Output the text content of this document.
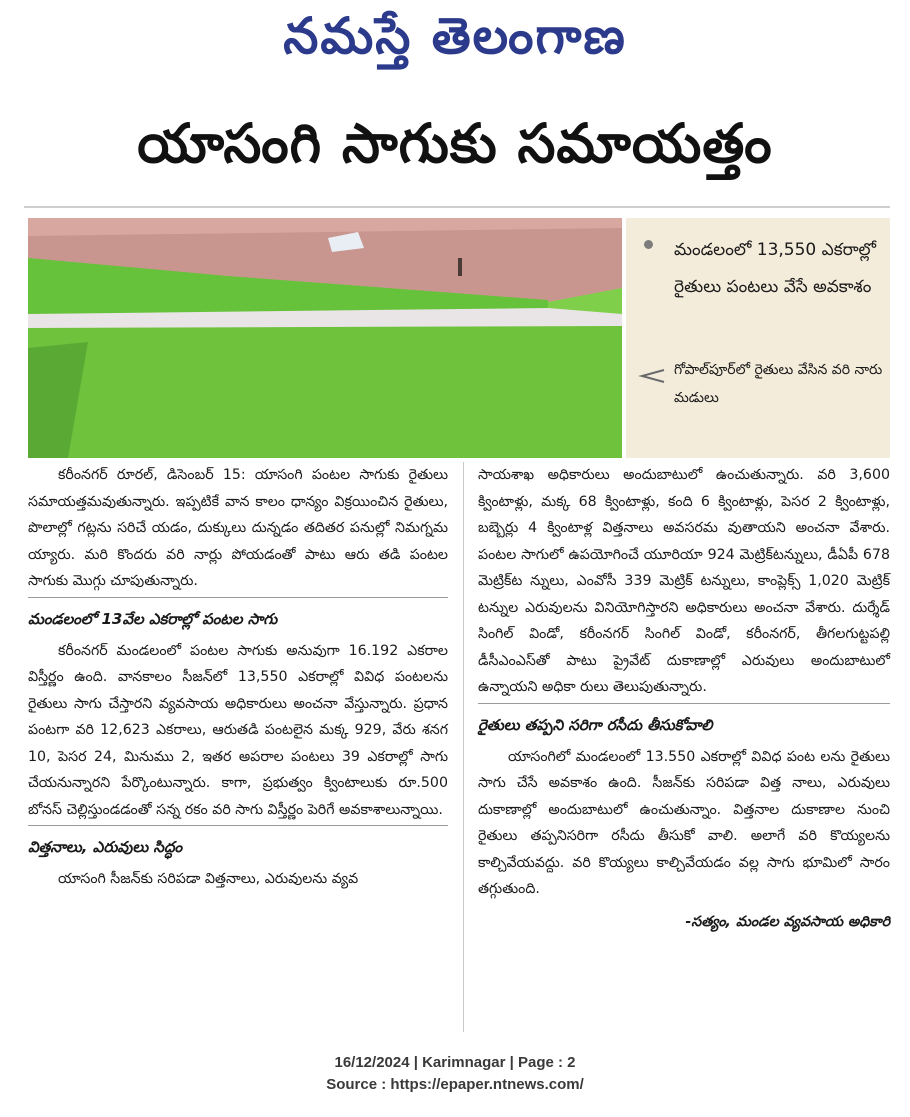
నమస్తే తెలంగాణ
యాసంగి సాగుకు సమాయత్తం
మండలంలో 13,550 ఎకరాల్లో రైతులు పంటలు వేసే అవకాశం
గోపాల్‌పూర్‌లో రైతులు వేసిన వరి నారు మడులు

కరీంనగర్ రూరల్, డిసెంబర్ 15: యాసంగి పంటల సాగుకు రైతులు సమాయత్తమవుతున్నారు. ఇప్పటికే వాన కాలం ధాన్యం విక్రయించిన రైతులు, పొలాల్లో గట్లను సరిచే యడం, దుక్కులు దున్నడం తదితర పనుల్లో నిమగ్నమ య్యారు. మరి కొందరు వరి నార్లు పోయడంతో పాటు ఆరు తడి పంటల సాగుకు మొగ్గు చూపుతున్నారు.

మండలంలో 13వేల ఎకరాల్లో పంటల సాగు

కరీంనగర్ మండలంలో పంటల సాగుకు అనువుగా 16.192 ఎకరాల విస్తీర్ణం ఉంది. వానకాలం సీజన్‌లో 13,550 ఎకరాల్లో వివిధ పంటలను రైతులు సాగు చేస్తారని వ్యవసాయ అధికారులు అంచనా వేస్తున్నారు. ప్రధాన పంటగా వరి 12,623 ఎకరాలు, ఆరుతడి పంటలైన మక్క 929, వేరు శనగ 10, పెసర 24, మినుము 2, ఇతర అపరాల పంటలు 39 ఎకరాల్లో సాగు చేయనున్నారని పేర్కొంటున్నారు. కాగా, ప్రభుత్వం క్వింటాలుకు రూ.500 బోనస్ చెల్లిస్తుండడంతో సన్న రకం వరి సాగు విస్తీర్ణం పెరిగే అవకాశాలున్నాయి.

విత్తనాలు, ఎరువులు సిద్ధం

యాసంగి సీజన్‌కు సరిపడా విత్తనాలు, ఎరువులను వ్యవ

సాయశాఖ అధికారులు అందుబాటులో ఉంచుతున్నారు. వరి 3,600 క్వింటాళ్లు, మక్క 68 క్వింటాళ్లు, కంది 6 క్వింటాళ్లు, పెసర 2 క్వింటాళ్లు, బబ్బెర్లు 4 క్వింటాళ్ల విత్తనాలు అవసరమ వుతాయని అంచనా వేశారు. పంటల సాగులో ఉపయోగించే యూరియా 924 మెట్రిక్‌టన్నులు, డీఏపీ 678 మెట్రిక్‌ట న్నులు, ఎంవోసీ 339 మెట్రిక్ టన్నులు, కాంప్లెక్స్ 1,020 మెట్రిక్ టన్నుల ఎరువులను వినియోగిస్తారని అధికారులు అంచనా వేశారు. దుర్శేడ్ సింగిల్ విండో, కరీంనగర్ సింగిల్ విండో, కరీంనగర్, తీగలగుట్టపల్లి డీసీఎంఎస్‌తో పాటు ప్రైవేట్ దుకాణాల్లో ఎరువులు అందుబాటులో ఉన్నాయని అధికా రులు తెలుపుతున్నారు.

రైతులు తప్పని సరిగా రసీదు తీసుకోవాలి

యాసంగిలో మండలంలో 13.550 ఎకరాల్లో వివిధ పంట లను రైతులు సాగు చేసే అవకాశం ఉంది. సీజన్‌కు సరిపడా విత్త నాలు, ఎరువులు దుకాణాల్లో అందుబాటులో ఉంచుతున్నాం. విత్తనాల దుకాణాల నుంచి రైతులు తప్పనిసరిగా రసీదు తీసుకో వాలి. అలాగే వరి కొయ్యలను కాల్చివేయవద్దు. వరి కొయ్యలు కాల్చివేయడం వల్ల సాగు భూమిలో సారం తగ్గుతుంది.

-సత్యం, మండల వ్యవసాయ అధికారి

16/12/2024 | Karimnagar | Page : 2
Source : https://epaper.ntnews.com/
